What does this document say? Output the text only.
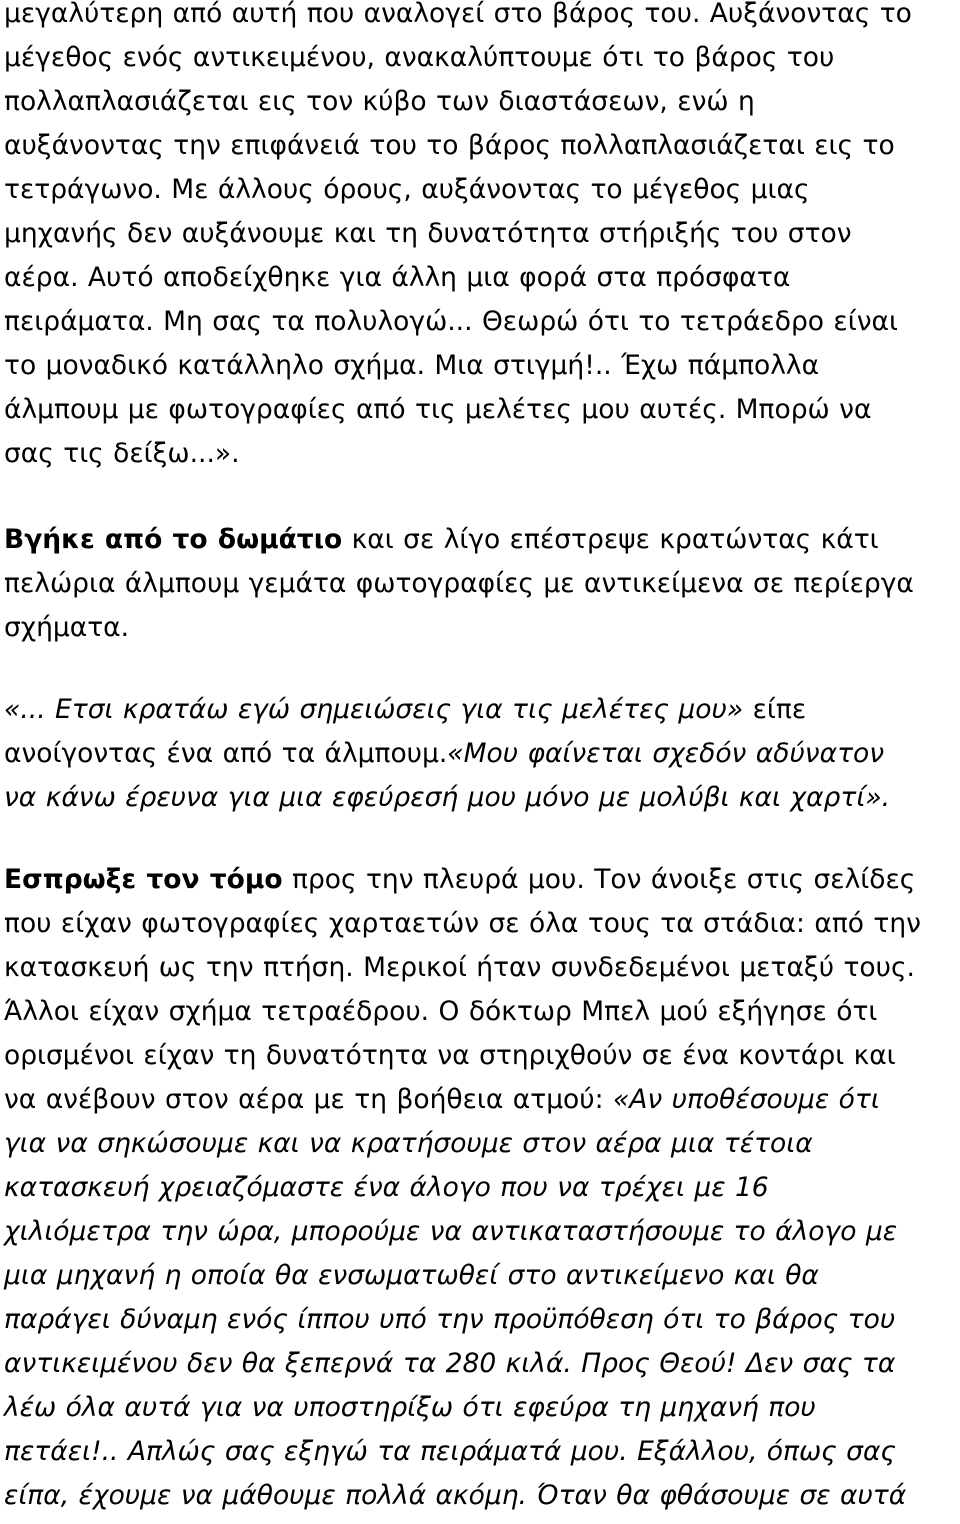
μεγαλύτερη από αυτή που αναλογεί στο βάρος του. Αυξάνοντας το
μέγεθος ενός αντικειμένου, ανακαλύπτουμε ότι το βάρος του
πολλαπλασιάζεται εις τον κύβο των διαστάσεων, ενώ η
αυξάνοντας την επιφάνειά του το βάρος πολλαπλασιάζεται εις το
τετράγωνο. Με άλλους όρους, αυξάνοντας το μέγεθος μιας
μηχανής δεν αυξάνουμε και τη δυνατότητα στήριξής του στον
αέρα. Αυτό αποδείχθηκε για άλλη μια φορά στα πρόσφατα
πειράματα. Μη σας τα πολυλογώ... Θεωρώ ότι το τετράεδρο είναι
το μοναδικό κατάλληλο σχήμα. Μια στιγμή!.. Έχω πάμπολλα
άλμπουμ με φωτογραφίες από τις μελέτες μου αυτές. Μπορώ να
σας τις δείξω...».
Βγήκε από το δωμάτιο και σε λίγο επέστρεψε κρατώντας κάτι
πελώρια άλμπουμ γεμάτα φωτογραφίες με αντικείμενα σε περίεργα
σχήματα.
«... Ετσι κρατάω εγώ σημειώσεις για τις μελέτες μου» είπε
ανοίγοντας ένα από τα άλμπουμ.«Μου φαίνεται σχεδόν αδύνατον
να κάνω έρευνα για μια εφεύρεσή μου μόνο με μολύβι και χαρτί».
Εσπρωξε τον τόμο προς την πλευρά μου. Τον άνοιξε στις σελίδες
που είχαν φωτογραφίες χαρταετών σε όλα τους τα στάδια: από την
κατασκευή ως την πτήση. Μερικοί ήταν συνδεδεμένοι μεταξύ τους.
Άλλοι είχαν σχήμα τετραέδρου. Ο δόκτωρ Μπελ μού εξήγησε ότι
ορισμένοι είχαν τη δυνατότητα να στηριχθούν σε ένα κοντάρι και
να ανέβουν στον αέρα με τη βοήθεια ατμού: «Αν υποθέσουμε ότι
για να σηκώσουμε και να κρατήσουμε στον αέρα μια τέτοια
κατασκευή χρειαζόμαστε ένα άλογο που να τρέχει με 16
χιλιόμετρα την ώρα, μπορούμε να αντικαταστήσουμε το άλογο με
μια μηχανή η οποία θα ενσωματωθεί στο αντικείμενο και θα
παράγει δύναμη ενός ίππου υπό την προϋπόθεση ότι το βάρος του
αντικειμένου δεν θα ξεπερνά τα 280 κιλά. Προς Θεού! Δεν σας τα
λέω όλα αυτά για να υποστηρίξω ότι εφεύρα τη μηχανή που
πετάει!.. Απλώς σας εξηγώ τα πειράματά μου. Εξάλλου, όπως σας
είπα, έχουμε να μάθουμε πολλά ακόμη. Όταν θα φθάσουμε σε αυτά
